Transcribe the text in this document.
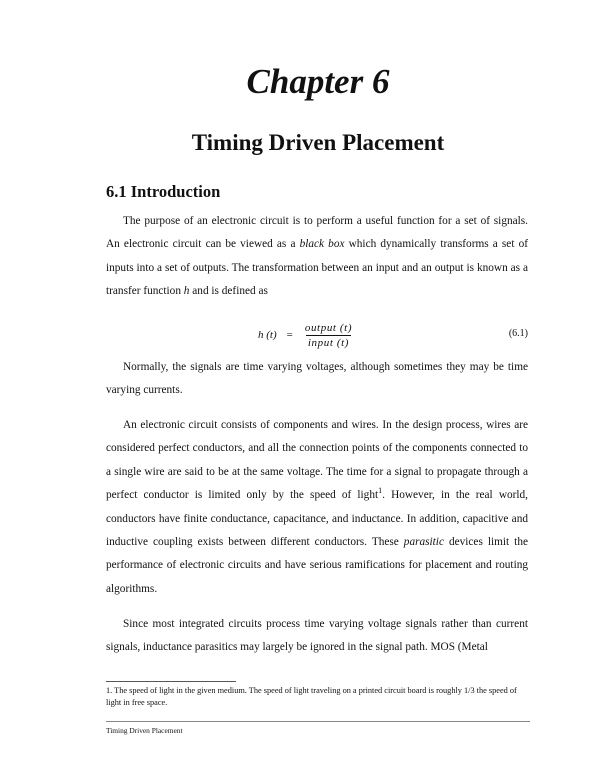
Chapter 6
Timing Driven Placement
6.1 Introduction

The purpose of an electronic circuit is to perform a useful function for a set of signals. An electronic circuit can be viewed as a black box which dynamically transforms a set of inputs into a set of outputs. The transformation between an input and an output is known as a transfer function h and is defined as

h $(t) = \frac{\text{output (t)}}{\text{input (t)}}$	(6.1)

Normally, the signals are time varying voltages, although sometimes they may be time varying currents.

An electronic circuit consists of components and wires. In the design process, wires are considered perfect conductors, and all the connection points of the components connected to a single wire are said to be at the same voltage. The time for a signal to propagate through a perfect conductor is limited only by the speed of light$^1$. However, in the real world, conductors have finite conductance, capacitance, and inductance. In addition, capacitive and inductive coupling exists between different conductors. These parasitic devices limit the performance of electronic circuits and have serious ramifications for placement and routing algorithms.

Since most integrated circuits process time varying voltage signals rather than current signals, inductance parasitics may largely be ignored in the signal path. MOS (Metal

1. The speed of light in the given medium. The speed of light traveling on a printed circuit board is roughly 1/3 the speed of light in free space.

Timing Driven Placement
